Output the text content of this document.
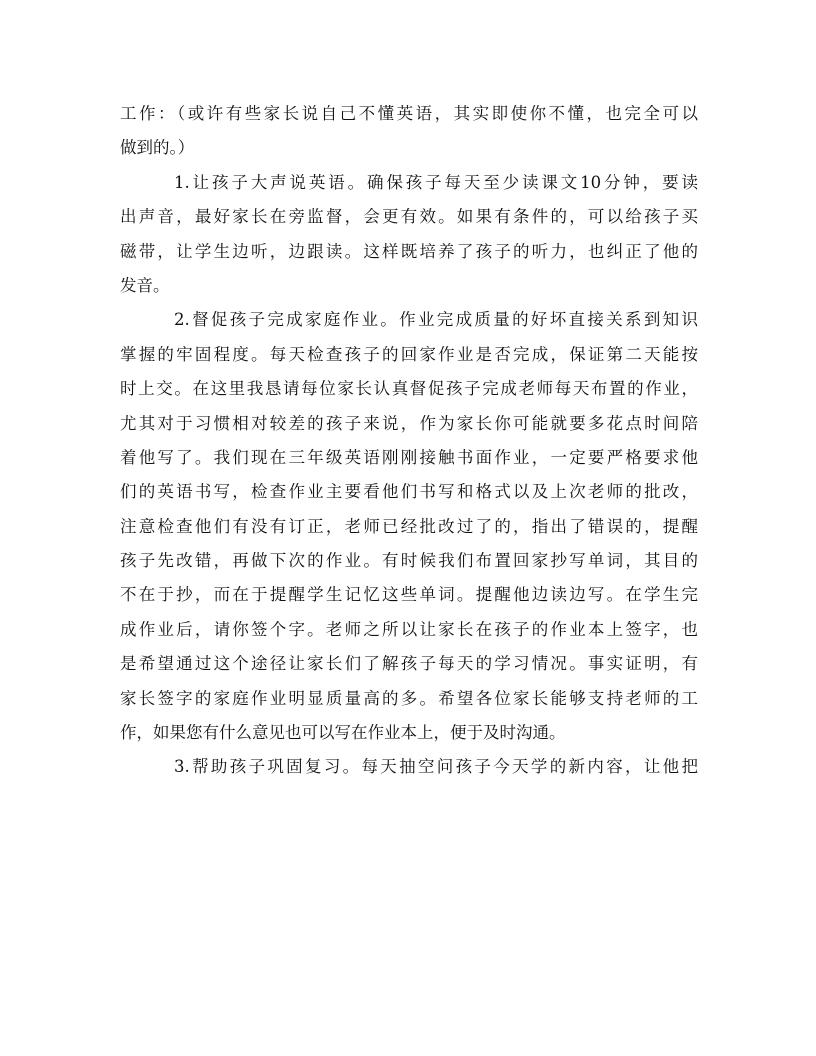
工作：（或许有些家长说自己不懂英语，其实即使你不懂，也完全可以
做到的。）
1.让孩子大声说英语。确保孩子每天至少读课文10分钟，要读
出声音，最好家长在旁监督，会更有效。如果有条件的，可以给孩子买
磁带，让学生边听，边跟读。这样既培养了孩子的听力，也纠正了他的
发音。
2.督促孩子完成家庭作业。作业完成质量的好坏直接关系到知识
掌握的牢固程度。每天检查孩子的回家作业是否完成，保证第二天能按
时上交。在这里我恳请每位家长认真督促孩子完成老师每天布置的作业，
尤其对于习惯相对较差的孩子来说，作为家长你可能就要多花点时间陪
着他写了。我们现在三年级英语刚刚接触书面作业，一定要严格要求他
们的英语书写，检查作业主要看他们书写和格式以及上次老师的批改，
注意检查他们有没有订正，老师已经批改过了的，指出了错误的，提醒
孩子先改错，再做下次的作业。有时候我们布置回家抄写单词，其目的
不在于抄，而在于提醒学生记忆这些单词。提醒他边读边写。在学生完
成作业后，请你签个字。老师之所以让家长在孩子的作业本上签字，也
是希望通过这个途径让家长们了解孩子每天的学习情况。事实证明，有
家长签字的家庭作业明显质量高的多。希望各位家长能够支持老师的工
作，如果您有什么意见也可以写在作业本上，便于及时沟通。
3.帮助孩子巩固复习。每天抽空问孩子今天学的新内容，让他把
